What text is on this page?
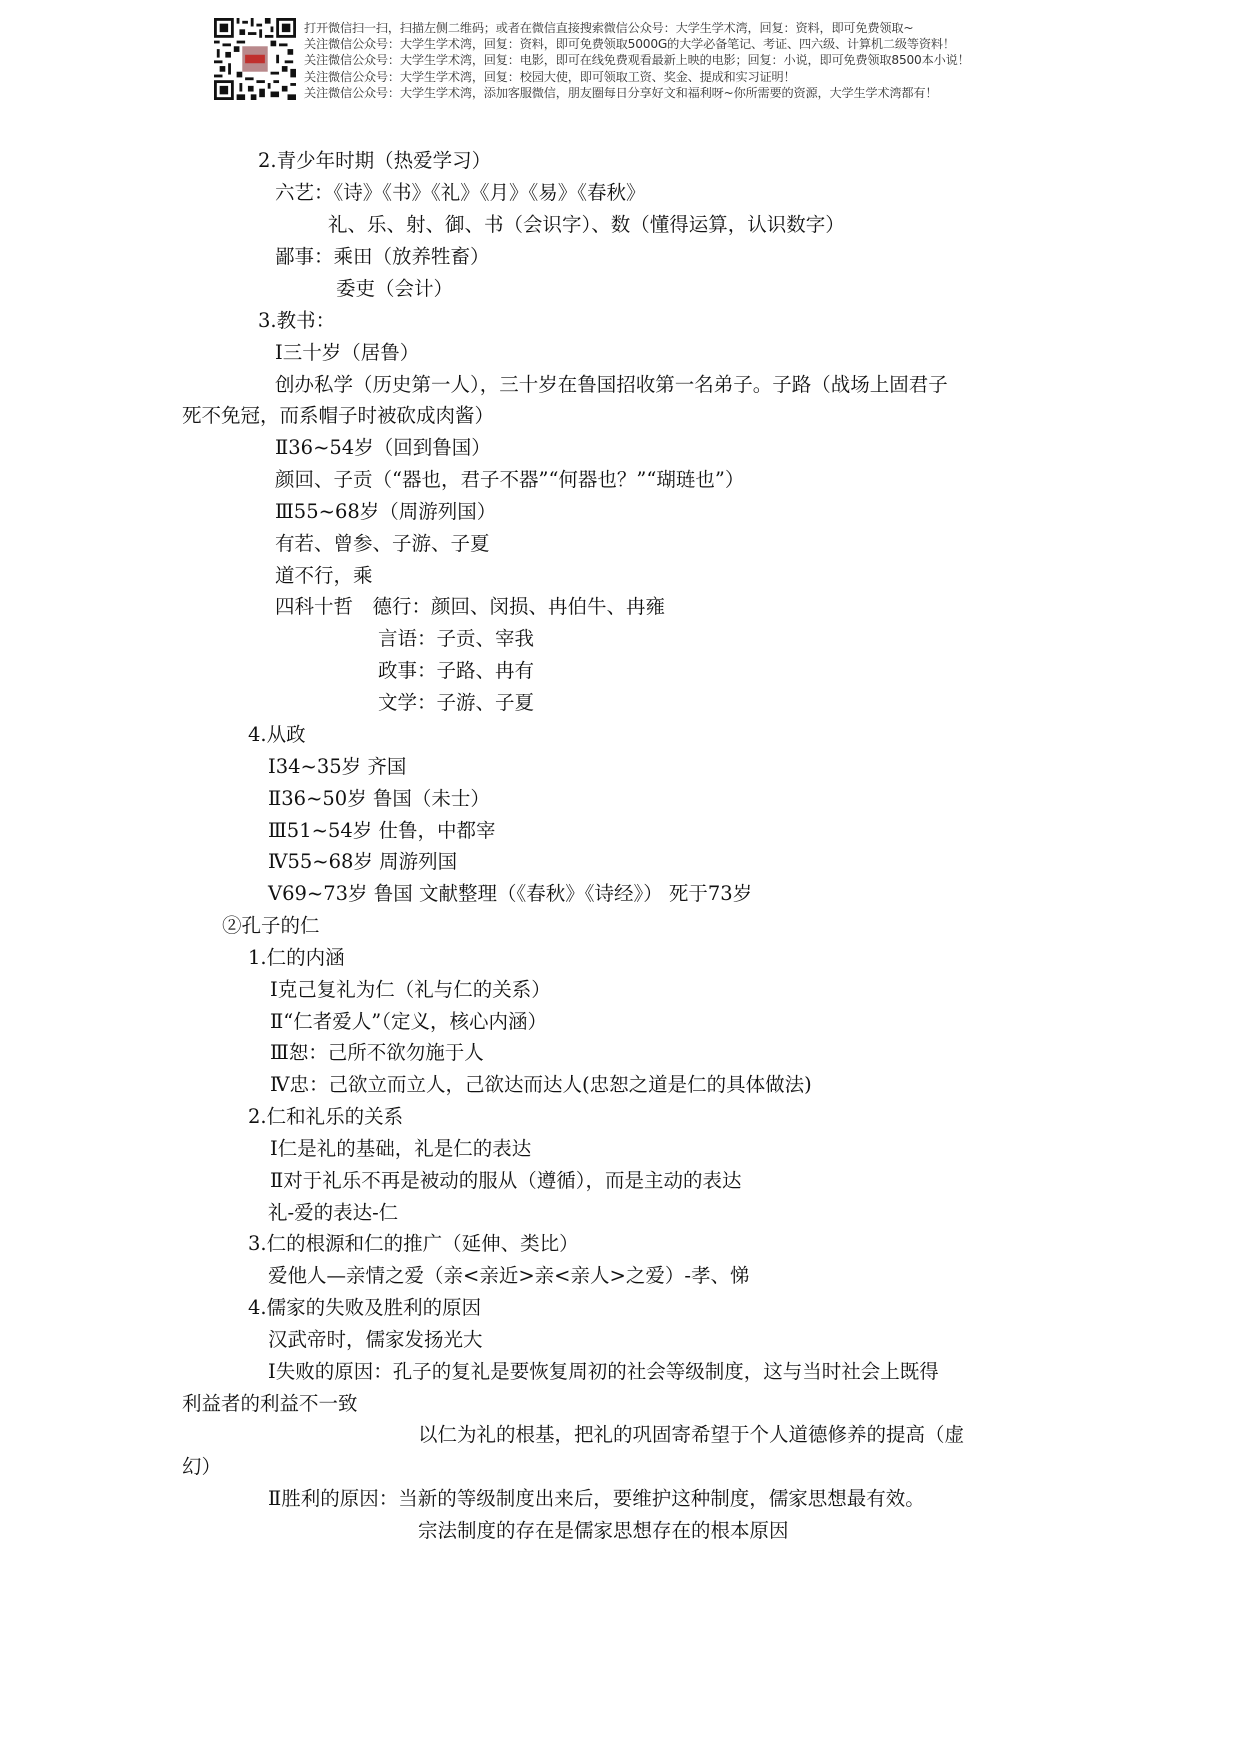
打开微信扫一扫，扫描左侧二维码；或者在微信直接搜索微信公众号：大学生学术湾，回复：资料，即可免费领取~
关注微信公众号：大学生学术湾，回复：资料，即可免费领取5000G的大学必备笔记、考证、四六级、计算机二级等资料！
关注微信公众号：大学生学术湾，回复：电影，即可在线免费观看最新上映的电影；回复：小说，即可免费领取8500本小说！
关注微信公众号：大学生学术湾，回复：校园大使，即可领取工资、奖金、提成和实习证明！
关注微信公众号：大学生学术湾，添加客服微信，朋友圈每日分享好文和福利呀~你所需要的资源，大学生学术湾都有！
2.青少年时期（热爱学习）
六艺：《诗》《书》《礼》《月》《易》《春秋》
礼、乐、射、御、书（会识字）、数（懂得运算，认识数字）
鄙事：乘田（放养牲畜）
委吏（会计）
3.教书：
Ⅰ三十岁（居鲁）
创办私学（历史第一人），三十岁在鲁国招收第一名弟子。子路（战场上固君子
死不免冠，而系帽子时被砍成肉酱）
Ⅱ36~54岁（回到鲁国）
颜回、子贡（“器也，君子不器”“何器也？”“瑚琏也”）
Ⅲ55~68岁（周游列国）
有若、曾参、子游、子夏
道不行，乘
四科十哲　德行：颜回、闵损、冉伯牛、冉雍
言语：子贡、宰我
政事：子路、冉有
文学：子游、子夏
4.从政
Ⅰ34~35岁 齐国
Ⅱ36~50岁 鲁国（未士）
Ⅲ51~54岁 仕鲁，中都宰
Ⅳ55~68岁 周游列国
Ⅴ69~73岁 鲁国 文献整理（《春秋》《诗经》） 死于73岁
②孔子的仁
1.仁的内涵
Ⅰ克己复礼为仁（礼与仁的关系）
Ⅱ“仁者爱人”（定义，核心内涵）
Ⅲ恕：己所不欲勿施于人
Ⅳ忠：己欲立而立人，己欲达而达人(忠恕之道是仁的具体做法)
2.仁和礼乐的关系
Ⅰ仁是礼的基础，礼是仁的表达
Ⅱ对于礼乐不再是被动的服从（遵循），而是主动的表达
礼-爱的表达-仁
3.仁的根源和仁的推广（延伸、类比）
爱他人—亲情之爱（亲<亲近>亲<亲人>之爱）-孝、悌
4.儒家的失败及胜利的原因
汉武帝时，儒家发扬光大
Ⅰ失败的原因：孔子的复礼是要恢复周初的社会等级制度，这与当时社会上既得
利益者的利益不一致
以仁为礼的根基，把礼的巩固寄希望于个人道德修养的提高（虚
幻）
Ⅱ胜利的原因：当新的等级制度出来后，要维护这种制度，儒家思想最有效。
宗法制度的存在是儒家思想存在的根本原因
